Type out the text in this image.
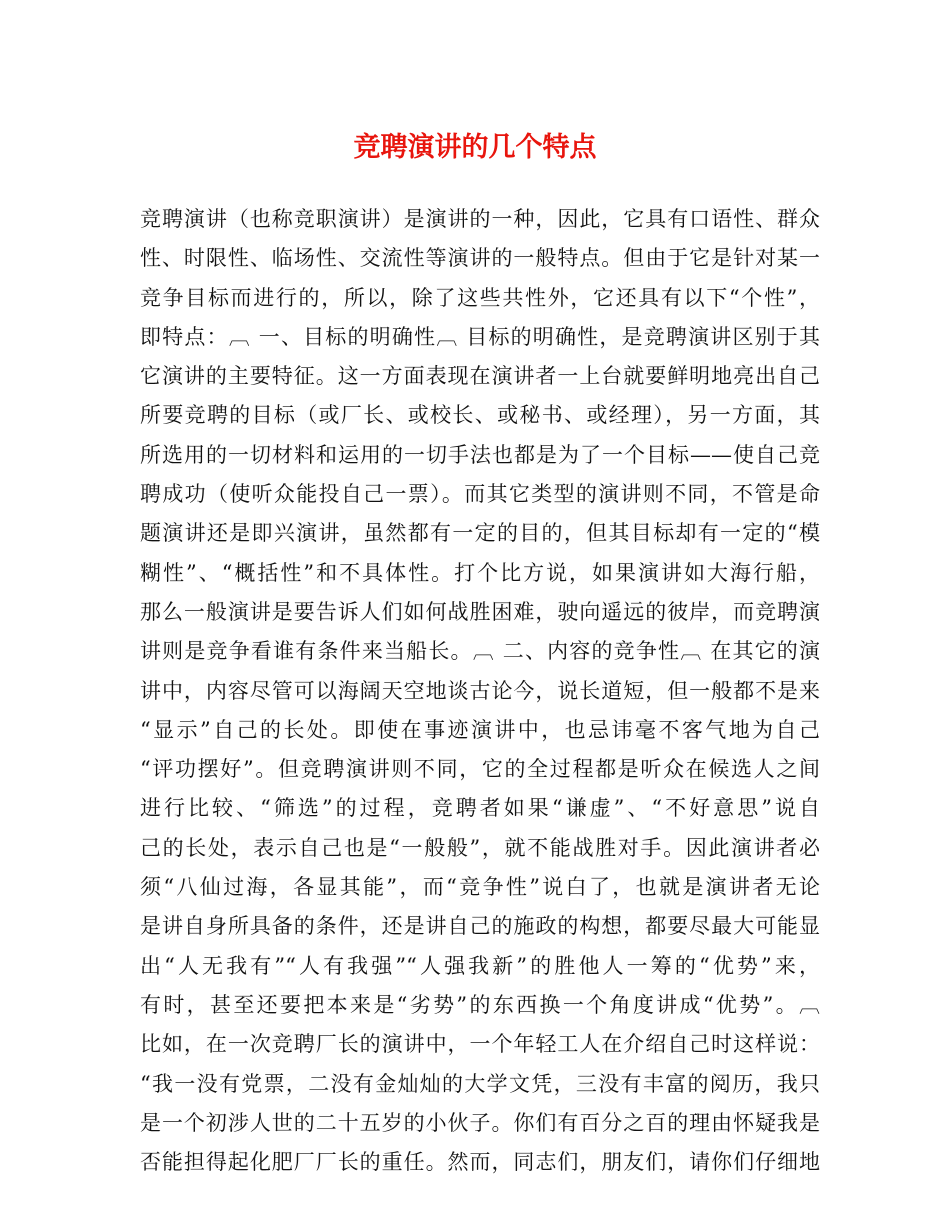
竞聘演讲的几个特点
竞聘演讲（也称竞职演讲）是演讲的一种，因此，它具有口语性、群众
性、时限性、临场性、交流性等演讲的一般特点。但由于它是针对某一
竞争目标而进行的，所以，除了这些共性外，它还具有以下“个性”，
即特点：︹ 一、目标的明确性︹ 目标的明确性，是竞聘演讲区别于其
它演讲的主要特征。这一方面表现在演讲者一上台就要鲜明地亮出自己
所要竞聘的目标（或厂长、或校长、或秘书、或经理），另一方面，其
所选用的一切材料和运用的一切手法也都是为了一个目标——使自己竞
聘成功（使听众能投自己一票）。而其它类型的演讲则不同，不管是命
题演讲还是即兴演讲，虽然都有一定的目的，但其目标却有一定的“模
糊性”、“概括性”和不具体性。打个比方说，如果演讲如大海行船，
那么一般演讲是要告诉人们如何战胜困难，驶向遥远的彼岸，而竞聘演
讲则是竞争看谁有条件来当船长。︹ 二、内容的竞争性︹ 在其它的演
讲中，内容尽管可以海阔天空地谈古论今，说长道短，但一般都不是来
“显示”自己的长处。即使在事迹演讲中，也忌讳毫不客气地为自己
“评功摆好”。但竞聘演讲则不同，它的全过程都是听众在候选人之间
进行比较、“筛选”的过程，竞聘者如果“谦虚”、“不好意思”说自
己的长处，表示自己也是“一般般”，就不能战胜对手。因此演讲者必
须“八仙过海，各显其能”，而“竞争性”说白了，也就是演讲者无论
是讲自身所具备的条件，还是讲自己的施政的构想，都要尽最大可能显
出“人无我有”“人有我强”“人强我新”的胜他人一筹的“优势”来，
有时，甚至还要把本来是“劣势”的东西换一个角度讲成“优势”。︹
比如，在一次竞聘厂长的演讲中，一个年轻工人在介绍自己时这样说：
“我一没有党票，二没有金灿灿的大学文凭，三没有丰富的阅历，我只
是一个初涉人世的二十五岁的小伙子。你们有百分之百的理由怀疑我是
否能担得起化肥厂厂长的重任。然而，同志们，朋友们，请你们仔细地
